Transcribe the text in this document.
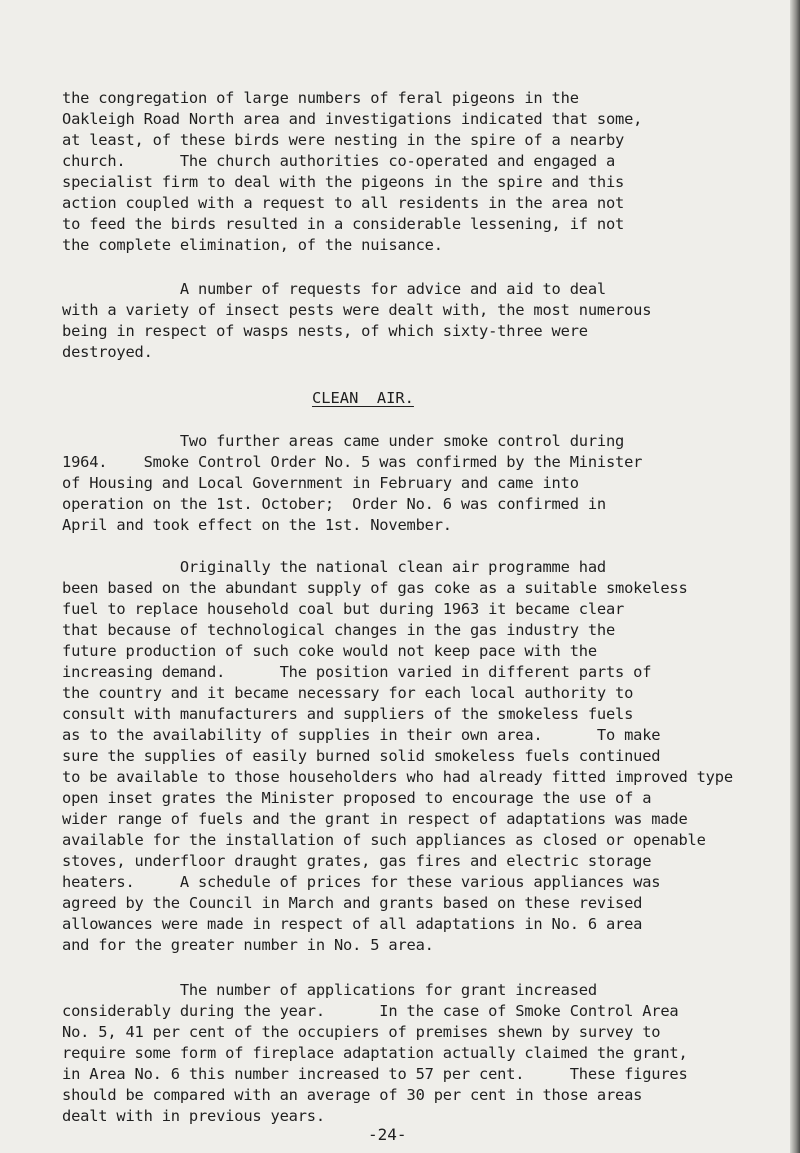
the congregation of large numbers of feral pigeons in the
Oakleigh Road North area and investigations indicated that some,
at least, of these birds were nesting in the spire of a nearby
church.      The church authorities co-operated and engaged a
specialist firm to deal with the pigeons in the spire and this
action coupled with a request to all residents in the area not
to feed the birds resulted in a considerable lessening, if not
the complete elimination, of the nuisance.
A number of requests for advice and aid to deal
with a variety of insect pests were dealt with, the most numerous
being in respect of wasps nests, of which sixty-three were
destroyed.
CLEAN  AIR.
Two further areas came under smoke control during
1964.    Smoke Control Order No. 5 was confirmed by the Minister
of Housing and Local Government in February and came into
operation on the 1st. October;  Order No. 6 was confirmed in
April and took effect on the 1st. November.
Originally the national clean air programme had
been based on the abundant supply of gas coke as a suitable smokeless
fuel to replace household coal but during 1963 it became clear
that because of technological changes in the gas industry the
future production of such coke would not keep pace with the
increasing demand.      The position varied in different parts of
the country and it became necessary for each local authority to
consult with manufacturers and suppliers of the smokeless fuels
as to the availability of supplies in their own area.      To make
sure the supplies of easily burned solid smokeless fuels continued
to be available to those householders who had already fitted improved type
open inset grates the Minister proposed to encourage the use of a
wider range of fuels and the grant in respect of adaptations was made
available for the installation of such appliances as closed or openable
stoves, underfloor draught grates, gas fires and electric storage
heaters.     A schedule of prices for these various appliances was
agreed by the Council in March and grants based on these revised
allowances were made in respect of all adaptations in No. 6 area
and for the greater number in No. 5 area.
The number of applications for grant increased
considerably during the year.      In the case of Smoke Control Area
No. 5, 41 per cent of the occupiers of premises shewn by survey to
require some form of fireplace adaptation actually claimed the grant,
in Area No. 6 this number increased to 57 per cent.     These figures
should be compared with an average of 30 per cent in those areas
dealt with in previous years.
-24-
